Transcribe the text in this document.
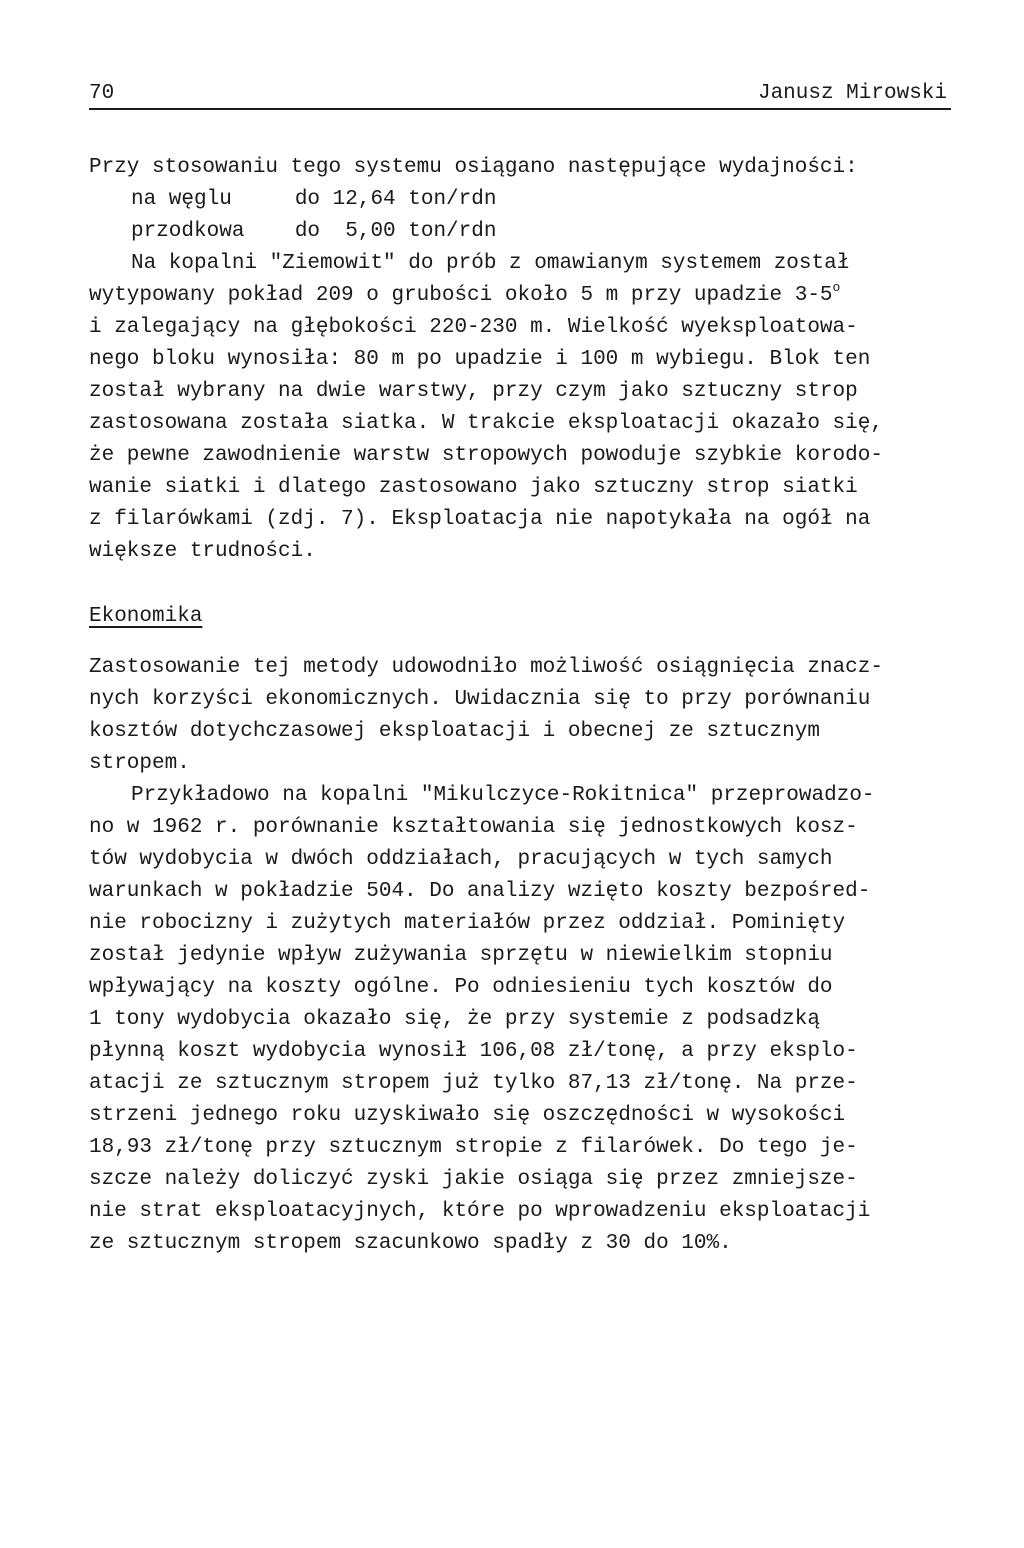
70	Janusz Mirowski
Przy stosowaniu tego systemu osiągano następujące wydajności:
na węglu     do 12,64 ton/rdn
przodkowa    do  5,00 ton/rdn
Na kopalni "Ziemowit" do prób z omawianym systemem został
wytypowany pokład 209 o grubości około 5 m przy upadzie 3-5$^o$
i zalegający na głębokości 220-230 m. Wielkość wyeksploatowa-
nego bloku wynosiła: 80 m po upadzie i 100 m wybiegu. Blok ten
został wybrany na dwie warstwy, przy czym jako sztuczny strop
zastosowana została siatka. W trakcie eksploatacji okazało się,
że pewne zawodnienie warstw stropowych powoduje szybkie korodo-
wanie siatki i dlatego zastosowano jako sztuczny strop siatki
z filarówkami (zdj. 7). Eksploatacja nie napotykała na ogół na
większe trudności.
Ekonomika
Zastosowanie tej metody udowodniło możliwość osiągnięcia znacz-
nych korzyści ekonomicznych. Uwidacznia się to przy porównaniu
kosztów dotychczasowej eksploatacji i obecnej ze sztucznym
stropem.
Przykładowo na kopalni "Mikulczyce-Rokitnica" przeprowadzo-
no w 1962 r. porównanie kształtowania się jednostkowych kosz-
tów wydobycia w dwóch oddziałach, pracujących w tych samych
warunkach w pokładzie 504. Do analizy wzięto koszty bezpośred-
nie robocizny i zużytych materiałów przez oddział. Pominięty
został jedynie wpływ zużywania sprzętu w niewielkim stopniu
wpływający na koszty ogólne. Po odniesieniu tych kosztów do
1 tony wydobycia okazało się, że przy systemie z podsadzką
płynną koszt wydobycia wynosił 106,08 zł/tonę, a przy eksplo-
atacji ze sztucznym stropem już tylko 87,13 zł/tonę. Na prze-
strzeni jednego roku uzyskiwało się oszczędności w wysokości
18,93 zł/tonę przy sztucznym stropie z filarówek. Do tego je-
szcze należy doliczyć zyski jakie osiąga się przez zmniejsze-
nie strat eksploatacyjnych, które po wprowadzeniu eksploatacji
ze sztucznym stropem szacunkowo spadły z 30 do 10%.
